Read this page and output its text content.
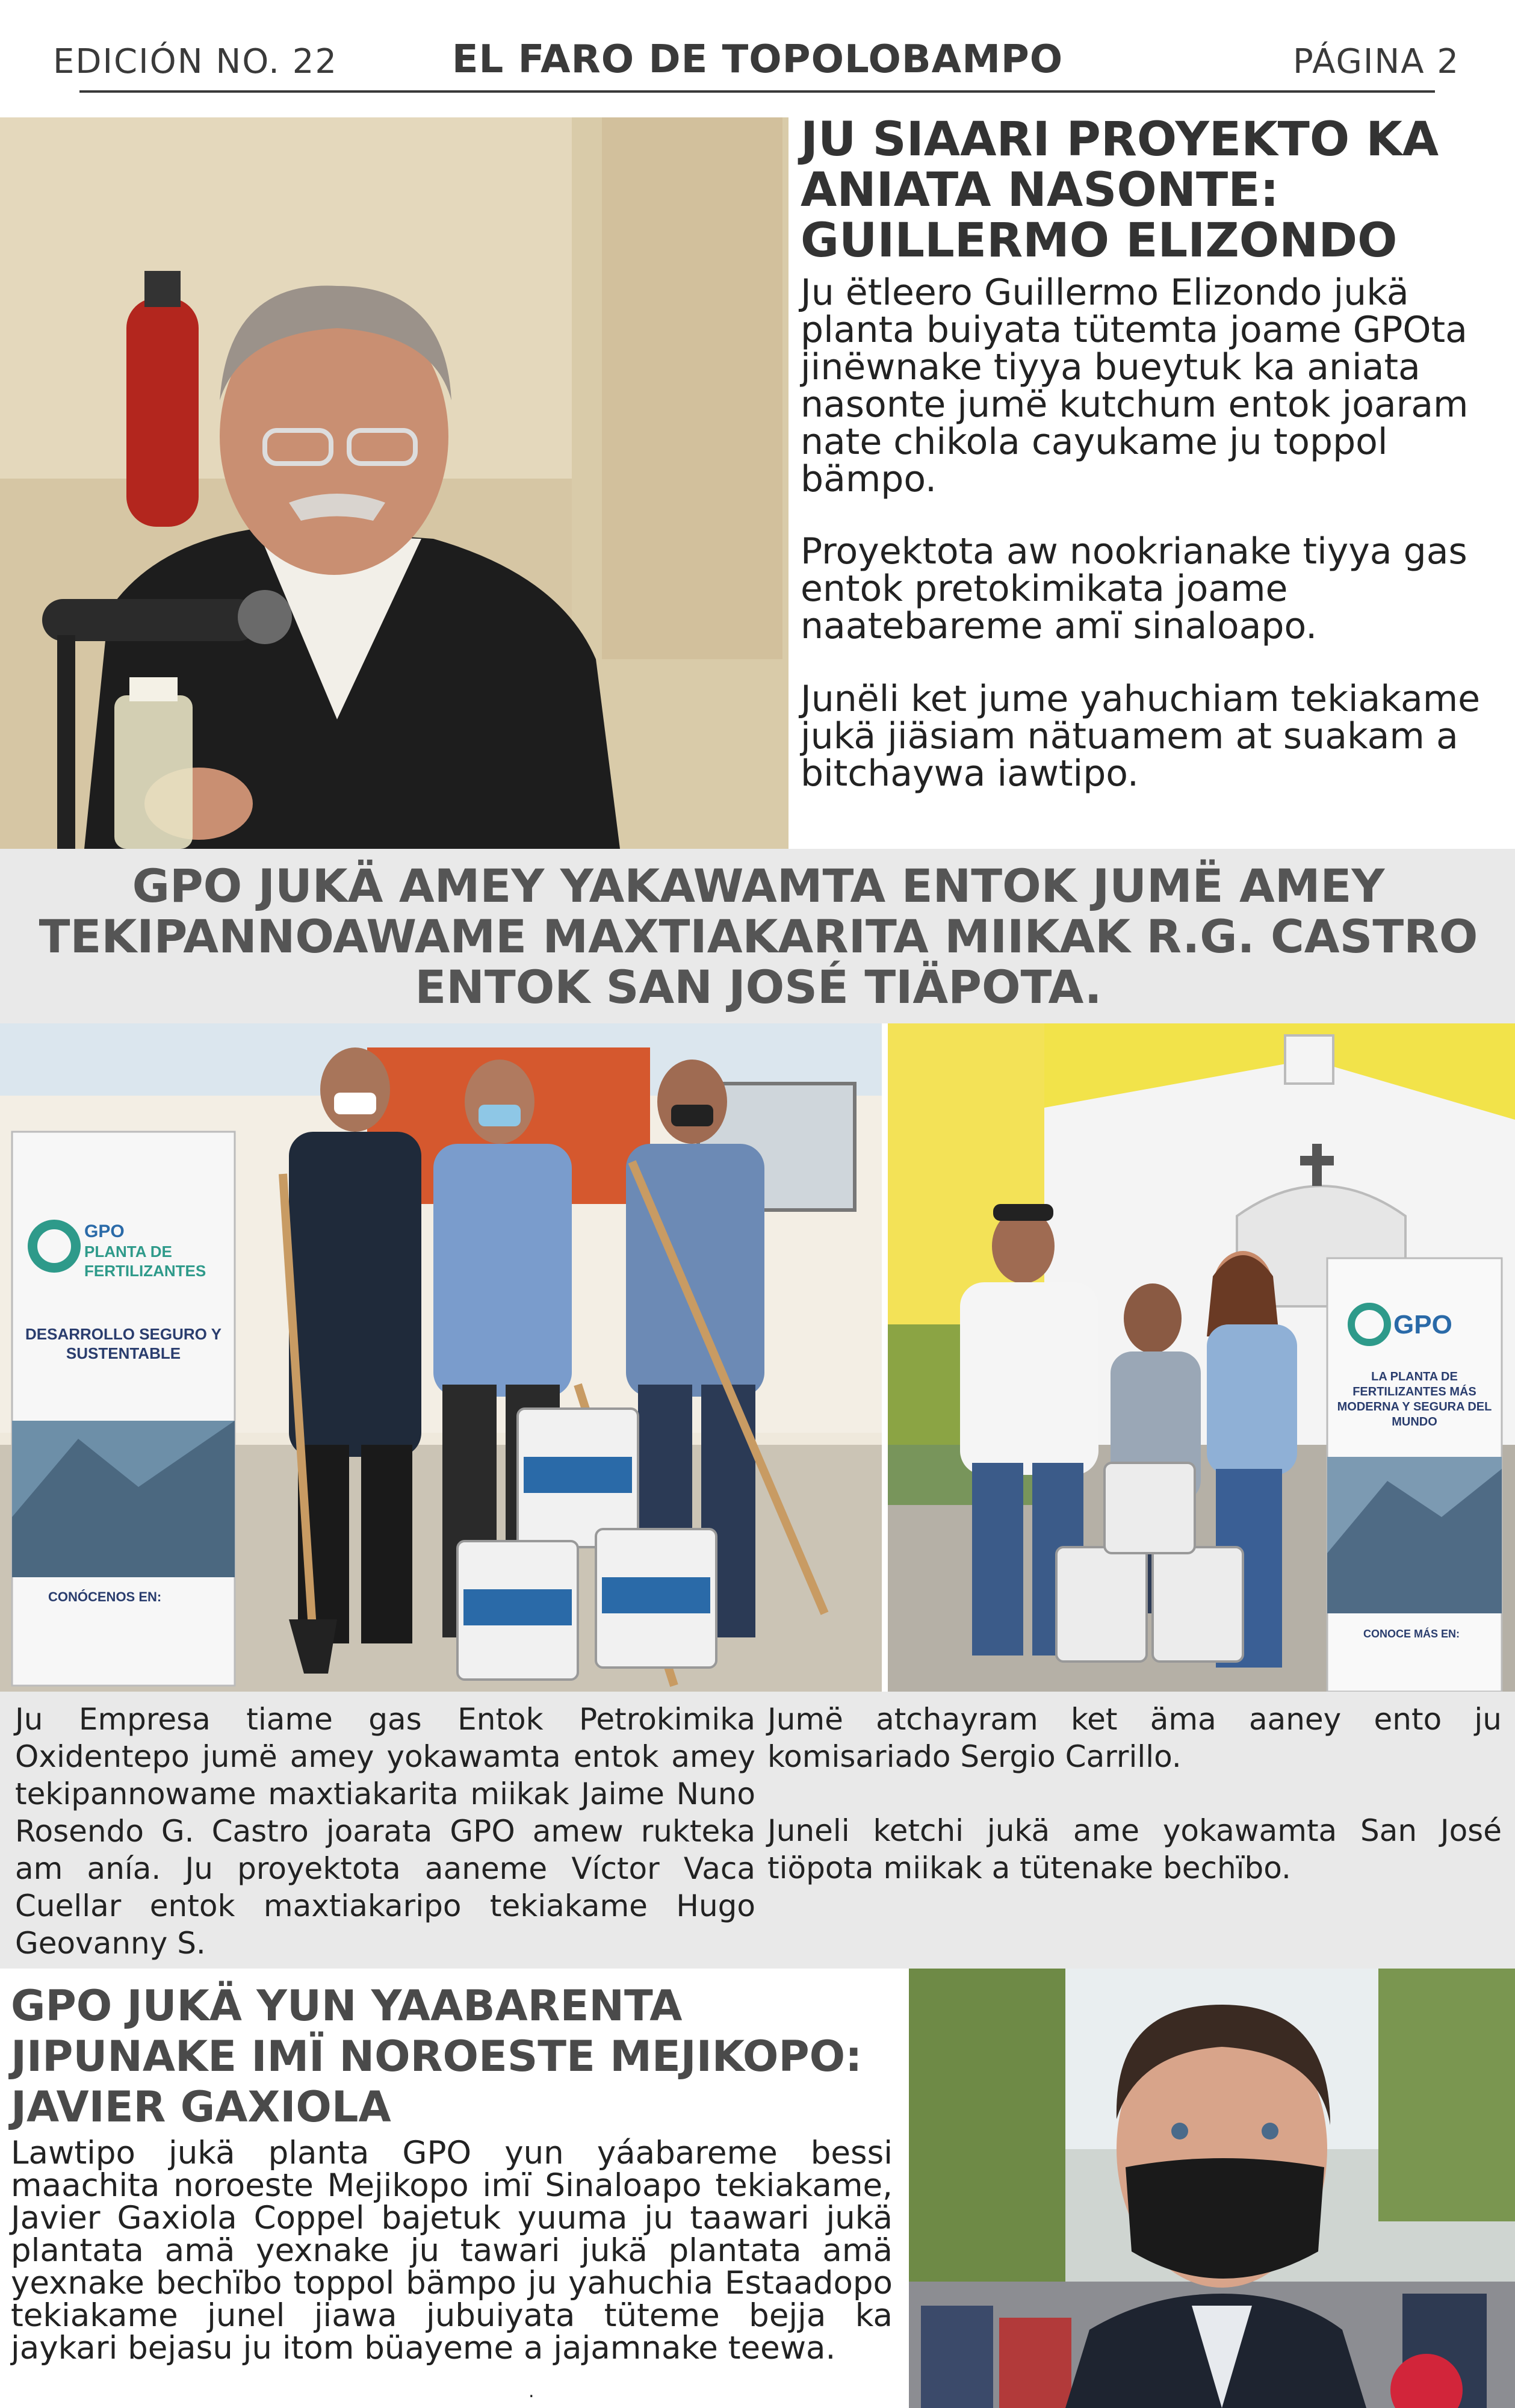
EDICIÓN NO. 22	EL FARO DE TOPOLOBAMPO	PÁGINA 2
JU SIAARI PROYEKTO KA ANIATA NASONTE: GUILLERMO ELIZONDO
Ju ëtleero Guillermo Elizondo jukä planta buiyata tütemta joame GPOta jinëwnake tiyya bueytuk ka aniata nasonte jumë kutchum entok joaram nate chikola cayukame ju toppol bämpo.
Proyektota aw nookrianake tiyya gas entok pretokimikata joame naatebareme amï sinaloapo.
Junëli ket jume yahuchiam tekiakame jukä jiäsiam nätuamem at suakam a bitchaywa iawtipo.
GPO JUKÄ AMEY YAKAWAMTA ENTOK JUMË AMEY TEKIPANNOAWAME MAXTIAKARITA MIIKAK R.G. CASTRO ENTOK SAN JOSÉ TIÄPOTA.
GPO
PLANTA DE
FERTILIZANTES
DESARROLLO SEGURO Y SUSTENTABLE
CONÓCENOS EN:
GPO
LA PLANTA DE FERTILIZANTES MÁS MODERNA Y SEGURA DEL MUNDO
CONOCE MÁS EN:
Ju Empresa tiame gas Entok Petrokimika Oxidentepo jumë amey yokawamta entok amey tekipannowame maxtiakarita miikak Jaime Nuno Rosendo G. Castro joarata GPO amew rukteka am anía. Ju proyektota aaneme Víctor Vaca Cuellar entok maxtiakaripo tekiakame Hugo Geovanny S.
Jumë atchayram ket äma aaney ento ju komisariado Sergio Carrillo.
Juneli ketchi jukä ame yokawamta San José tiöpota miikak a tütenake bechïbo.
GPO JUKÄ YUN YAABARENTA JIPUNAKE IMÏ NOROESTE MEJIKOPO: JAVIER GAXIOLA
Lawtipo jukä planta GPO yun yáabareme bessi maachita noroeste Mejikopo imï Sinaloapo tekiakame, Javier Gaxiola Coppel bajetuk yuuma ju taawari jukä plantata amä yexnake ju tawari jukä plantata amä yexnake bechïbo toppol bämpo ju yahuchia Estaadopo tekiakame junel jiawa jubuiyata tüteme bejja ka jaykari bejasu ju itom büayeme a jajamnake teewa.
.
